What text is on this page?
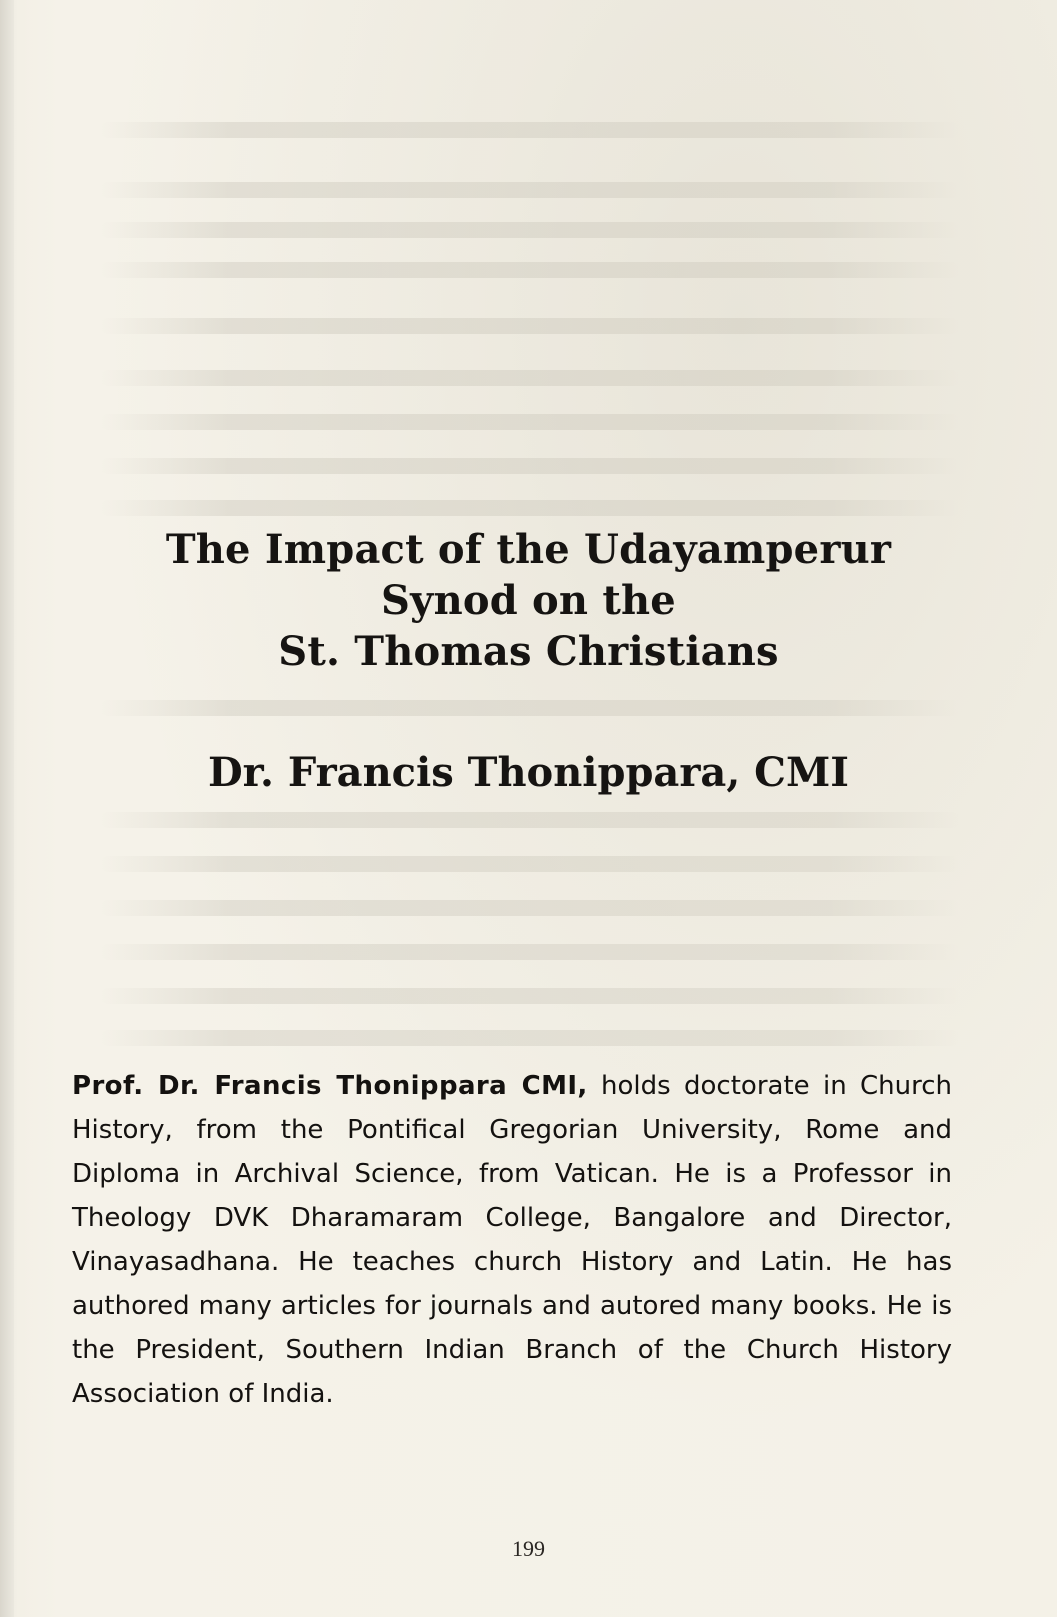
The Impact of the Udayamperur
Synod on the
St. Thomas Christians
Dr. Francis Thonippara, CMI

Prof. Dr. Francis Thonippara CMI, holds doctorate in Church History, from the Pontifical Gregorian University, Rome and Diploma in Archival Science, from Vatican. He is a Professor in Theology DVK Dharamaram College, Bangalore and Director, Vinayasadhana. He teaches church History and Latin. He has authored many articles for journals and autored many books. He is the President, Southern Indian Branch of the Church History Association of India.

199
